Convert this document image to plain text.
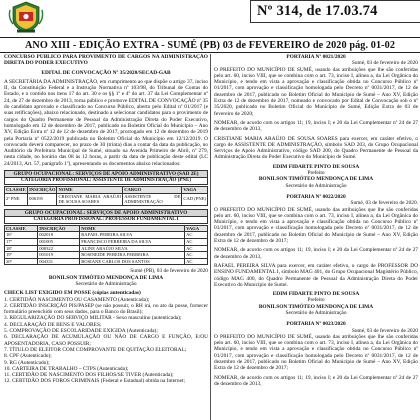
Nº 314, de 17.03.74
ANO XIII - EDIÇÃO EXTRA - SUMÉ (PB) 03 de FEVEREIRO de 2020 pág. 01-02

CONCURSO PÚBLICO PARA PROVIMENTO DE CARGOS NA ADMINISTRAÇÃO DIRETA DO PODER EXECUTIVO

EDITAL DE CONVOCAÇÃO Nº 35/2020/SECAD-GAB

A SECRETÁRIA DA ADMINISTRAÇÃO, em cumprimento ao que dispõe o artigo 37, inciso II, da Constituição Federal e a Instrução Normativa nº 103/98, do Tribunal de Contas do Estado, e o contido nos itens 17 do art. 30 e os §§ 1º e 4º do art. 37 da Lei Complementar nº 24, de 27 de dezembro de 2013, torna público e promove EDITAL DE CONVOCAÇÃO nº 35 do candidato aprovado e classificado no Concurso Público, aberto pelo Edital nº 01/2017 (e suas retificações), abaixo relacionado, destinado a selecionar candidatos para o provimento de cargos do Quadro Permanente de Pessoal da Administração Direta do Poder Executivo, homologado em 12 de dezembro de 2017, publicado no Boletim Oficial do Município – Ano XV, Edição Extra nº 12 de 12 de dezembro de 2017, prorrogado em 12 de dezembro de 2019 pela Portaria nº 0522/2019 publicada no Boletim Oficial do Município em 12/12/2019. O convocado deverá comparecer, no prazo de 30 (trinta) dias a contar da data da publicação, no Auditório da Prefeitura Municipal de Sumé, situado na Avenida Primeiro de Abril, nº 279, nesta cidade, no horário das 08 às 12 horas, a partir da data de publicação deste edital (LC 24/2013, Art. 57, parágrafo 1º), apresentando os documentos abaixo relacionados:

GRUPO OCUPACIONAL: SERVIÇOS DE APOIO ADMINISTRATIVO (SAD 2E)
CATEGORIA PROFISSIONAL: ASSISTENTE DE ADMINISTRAÇÃO (PNE)
CLASSIF.	INSCRIÇÃO	NOME	CARGO	VAGA
2º PNE	006195	CRISTIANE MARIA ARAÚJO DE SOUSA SOARES	ASSISTENTE DE ADMINISTRAÇÃO	CAD (PNE)
GRUPO OCUPACIONAL: SERVIÇOS DE APOIO ADMINISTRATIVO
CATEGORIA PROFISSIONAL: PROFESSOR FUNDAMENTAL I
CLASSIF.	INSCRIÇÃO	NOME	VAGA
16º	002018	RAFAEL PEREIRA SILVA	AC
17º	001005	FRANCISCO FERREIRA DA SILVA	AC
18º	008322	ALINE ARAÚJO SILVA	AC
19º	001019	ROSINEIDE PEREIRA FERREIRA	AC
20º	004331	ROSIANE CARLOS DOS SANTOS	AC

Sumé (PB), 03 de fevereiro de 2020

BONILSON TIMÓTEO MENDONÇA DE LIMA

Secretário de Administração

CHECK LIST EXIGIDO EM POSSE (cópias autenticadas)

1. CERTIDÃO NASCIMENTO OU CASAMENTO (Autenticada);

2. CERTIDÃO INSCRIÇÃO PIS/PASEP (se não possuir, o RH irá, no ato da posse, fornecer formulário preenchido com seus dados, para o Banco do Brasil);

3. REGULARIZAÇÃO DO SERVIÇO MILITAR - Sexo masculino (autenticada);

4. DECLARAÇÃO DE BENS E VALORES;

5. COMPROVAÇÃO DE ESCOLARIDADE EXIGIDA (Autenticada);

6. DECLARAÇÃO DE ACUMULAÇÃO OU NÃO DE CARGO E FUNÇÃO, E/OU APOSENTADORIA, CASO POSSUIR;

7. TÍTULO DE ELEITOR COM COMPROVANTE DE QUITAÇÃO ELEITORAL;

8. CPF (Autenticado);

9. RG (Autenticado);

10. CARTEIRA DE TRABALHO – CTPS (Autenticada);

11. CERTIDÃO DE NASCIMENTO DOS FILHOS/SE TIVER (Autenticada);

12. CERTIDÃO DOS FOROS CRIMINAIS (Federal e Estadual) obtida na Internet;

PORTARIA Nº 0021/2020

Sumé, 03 de fevereiro de 2020

O PREFEITO DO MUNICÍPIO DE SUMÉ, usando das atribuições que lhe são conferidas pelo art. 60, inciso VIII, que se combina com o art. 73, inciso I, alínea a, da Lei Orgânica do Município, e tendo em vista a aprovação e classificação obtida no Concurso Público nº 01/2017, com aprovação e classificação homologada pelo Decreto nº 0031/2017, de 12 de dezembro de 2017, publicado no Boletim Oficial do Município de Sumé – Ano XV, Edição Extra de 12 de dezembro de 2017, nomeado e convocado por Edital de Convocação sob o nº 35/2020, publicado no Boletim Oficial do Município de Sumé, Edição Extra de 03 de fevereiro de 2020;

NOMEAR, de acordo com os artigos 11; 19, inciso I; e 20 da Lei Complementar nº 24 de 27 de dezembro de 2013,

CRISTIANE MARIA ARAÚJO DE SOUSA SOARES para exercer, em caráter efetivo, o cargo de ASSISTENTE DE ADMINISTRAÇÃO, símbolo SAD 203, do Grupo Ocupacional Serviços de Apoio Administrativo, código SAD 200, do Quadro Permanente de Pessoal da Administração Direta do Poder Executivo do Município de Sumé.

EDIM FIDARTE PINTO DE SOUSA

Prefeito

BONILSON TIMÓTEO MENDONÇA DE LIMA

Secretário de Administração

PORTARIA Nº 0022/2020

Sumé, 03 de fevereiro de 2020.

O PREFEITO DO MUNICÍPIO DE SUMÉ, usando das atribuições que lhe são conferidas pelo art. 60, inciso VIII, que se combina com o art. 73, inciso I, alínea a, da Lei Orgânica do Município, e tendo em vista a aprovação e classificação obtida no Concurso Público nº 01/2017, com aprovação e classificação homologada pelo Decreto nº 0031/2017, de 12 de dezembro de 2017, publicado no Boletim Oficial do Município de Sumé – Ano XV, Edição Extra de 12 de dezembro de 2017;

NOMEAR, de acordo com os artigos 11; 19, inciso I; e 20 da Lei Complementar nº 24 de 27 de dezembro de 2013,

RAFAEL PEREIRA SILVA para exercer, em caráter efetivo, o cargo de PROFESSOR DO ENSINO FUNDAMENTAL I, símbolo MAG 401, do Grupo Ocupacional Magistério Público, código MAG 400, do Quadro Permanente de Pessoal da Administração Direta do Poder Executivo do Município de Sumé.

EDIM FIDARTE PINTO DE SOUSA

Prefeito

BONILSON TIMÓTEO MENDONÇA DE LIMA

Secretário de Administração

PORTARIA Nº 0023/2020

Sumé, 03 de fevereiro de 2020

O PREFEITO DO MUNICÍPIO DE SUMÉ, usando das atribuições que lhe são conferidas pelo art. 60, inciso VIII, que se combina com o art. 73, inciso I, alínea a, da Lei Orgânica do Município, e tendo em vista a aprovação e classificação obtida no Concurso Público nº 01/2017, com aprovação e classificação homologada pelo Decreto nº 0031/2017, de 12 de dezembro de 2017, publicado no Boletim Oficial do Município de Sumé – Ano XV, Edição Extra de 12 de dezembro de 2017;

NOMEAR, de acordo com os artigos 11; 19, inciso I; e 20 da Lei Complementar nº 24 de 27 de dezembro de 2013,
